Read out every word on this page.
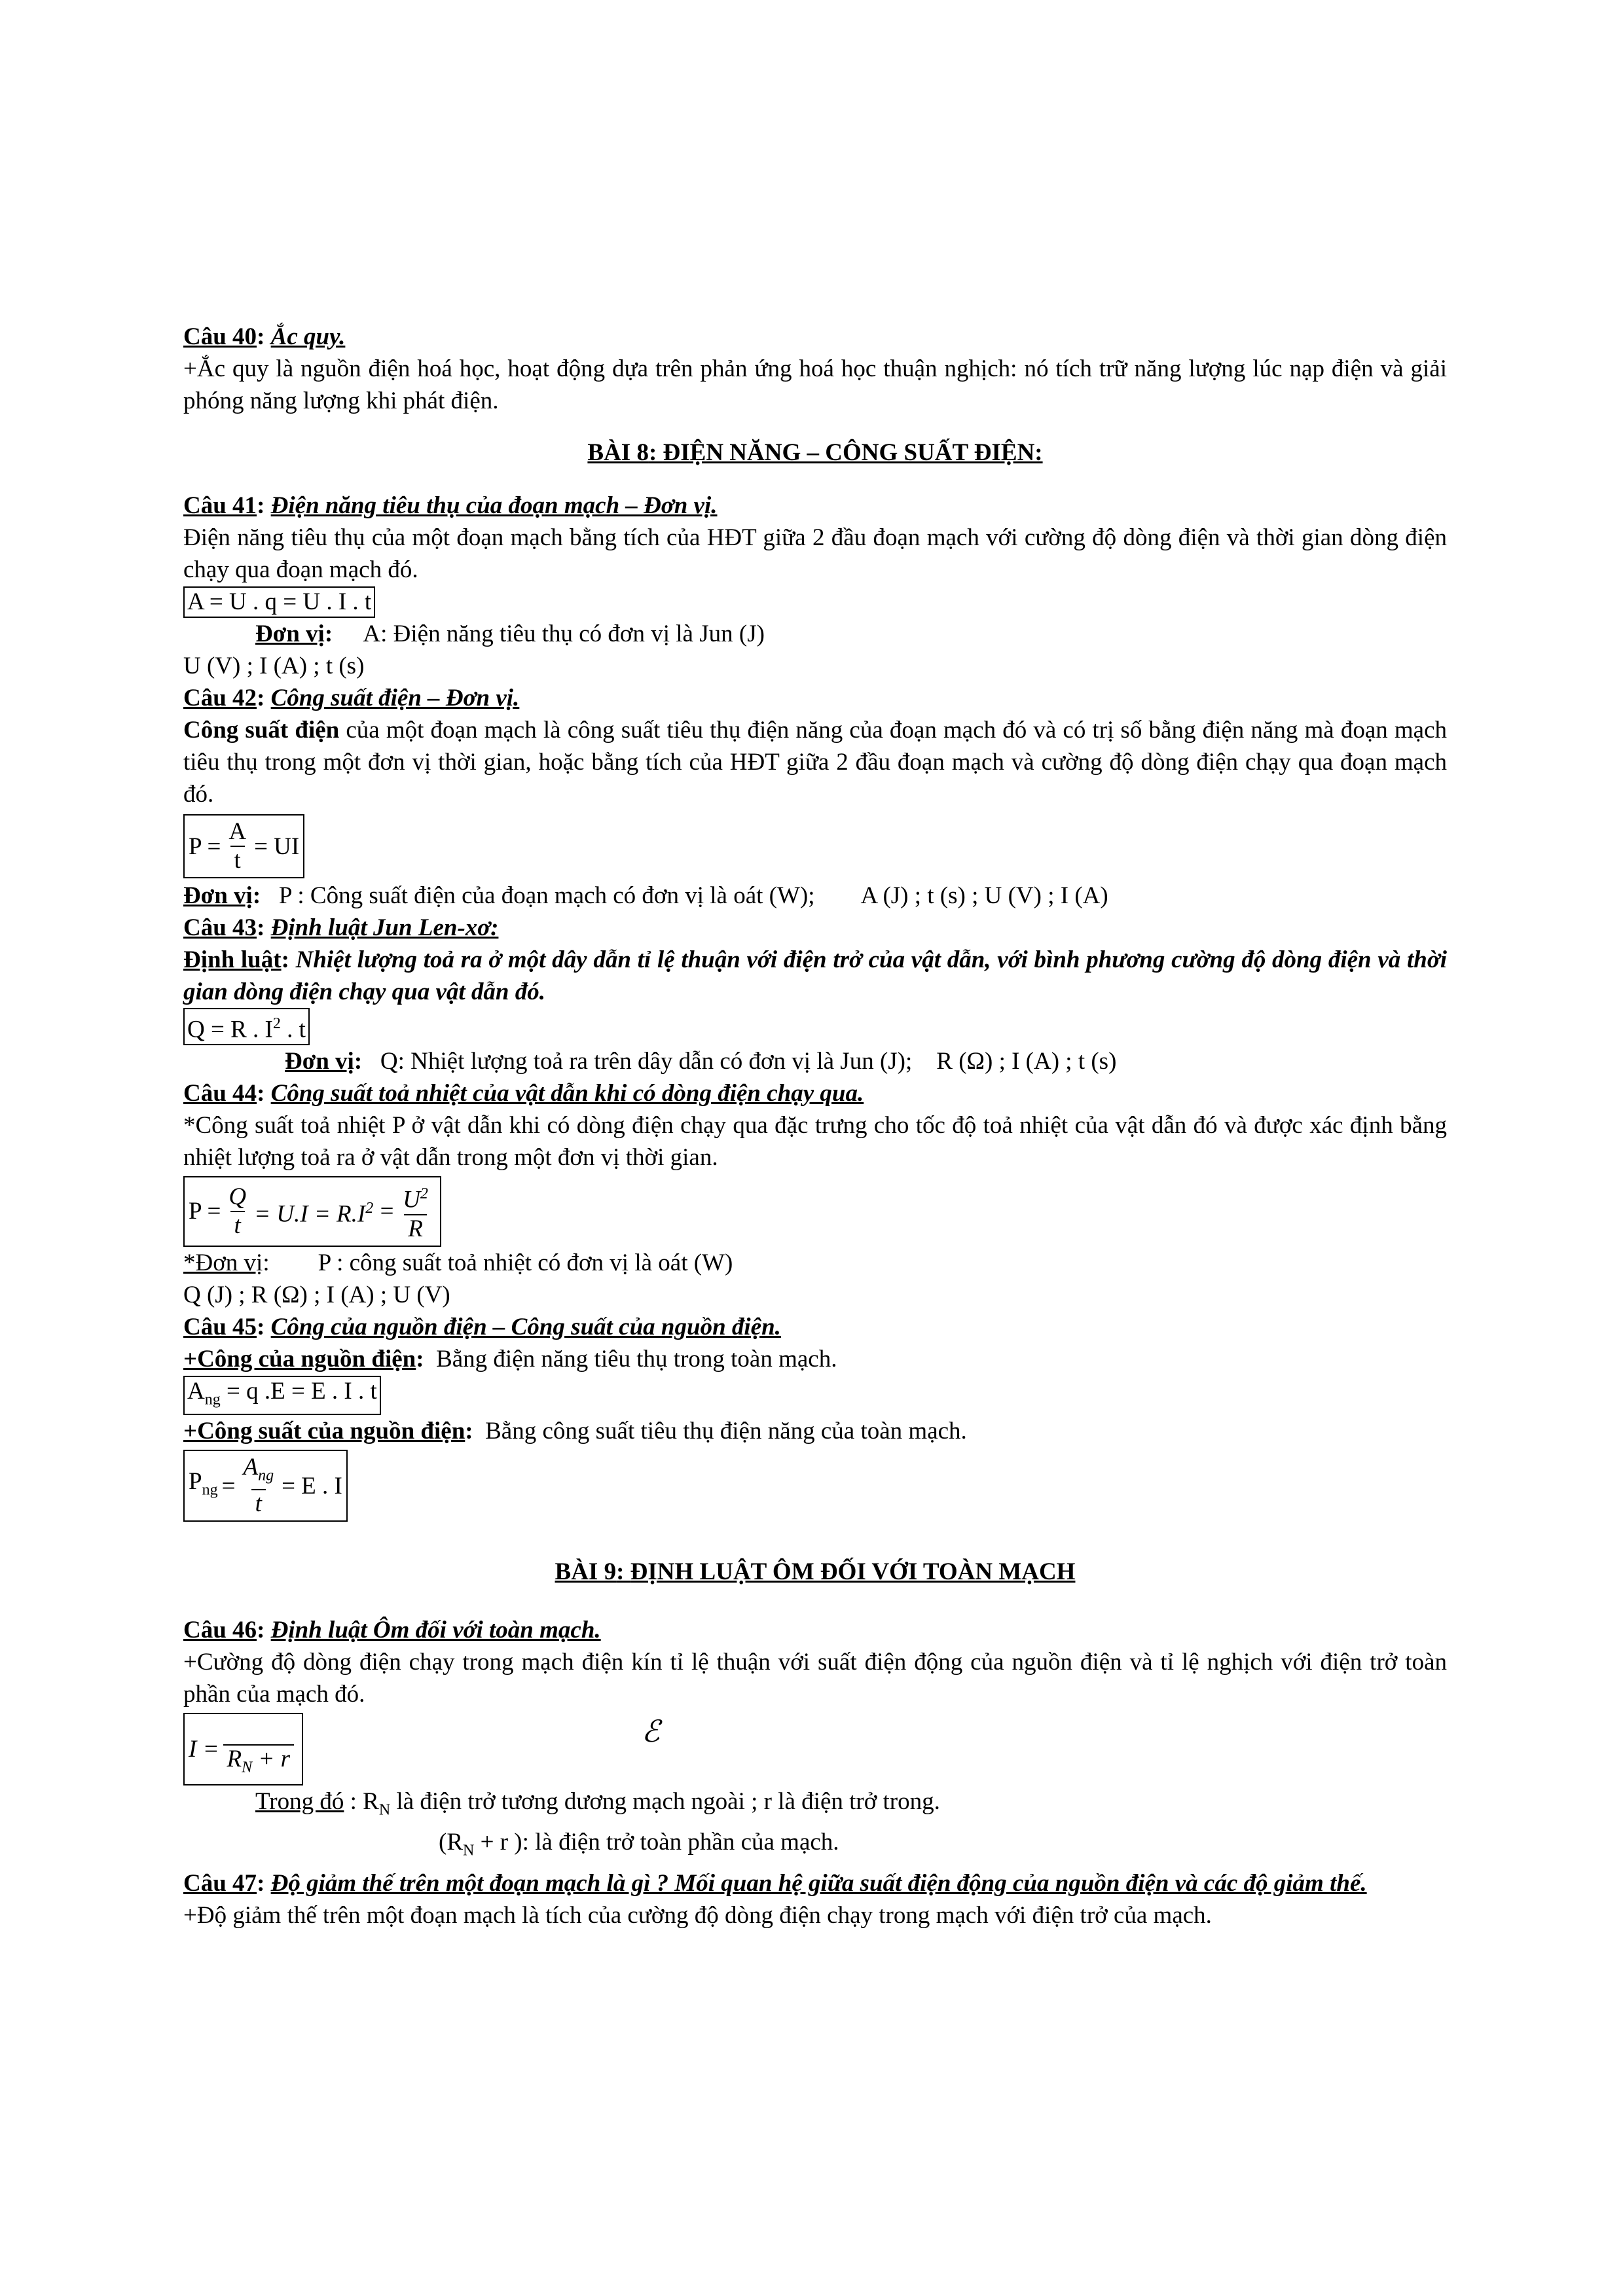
Câu 40: Ắc quy.

+Ắc quy là nguồn điện hoá học, hoạt động dựa trên phản ứng hoá học thuận nghịch: nó tích trữ năng lượng lúc nạp điện và giải phóng năng lượng khi phát điện.

BÀI 8: ĐIỆN NĂNG – CÔNG SUẤT ĐIỆN:

Câu 41: Điện năng tiêu thụ của đoạn mạch – Đơn vị.

Điện năng tiêu thụ của một đoạn mạch bằng tích của HĐT giữa 2 đầu đoạn mạch với cường độ dòng điện và thời gian dòng điện chạy qua đoạn mạch đó.

A = U . q = U . I . t

Đơn vị: A: Điện năng tiêu thụ có đơn vị là Jun (J)

U (V) ; I (A) ; t (s)

Câu 42: Công suất điện – Đơn vị.

Công suất điện của một đoạn mạch là công suất tiêu thụ điện năng của đoạn mạch đó và có trị số bằng điện năng mà đoạn mạch tiêu thụ trong một đơn vị thời gian, hoặc bằng tích của HĐT giữa 2 đầu đoạn mạch và cường độ dòng điện chạy qua đoạn mạch đó.

$P = \frac{A}{t}$ = UI

Đơn vị: P : Công suất điện của đoạn mạch có đơn vị là oát (W); A (J) ; t (s) ; U (V) ; I (A)

Câu 43: Định luật Jun Len-xơ:

Định luật: Nhiệt lượng toả ra ở một dây dẫn tỉ lệ thuận với điện trở của vật dẫn, với bình phương cường độ dòng điện và thời gian dòng điện chạy qua vật dẫn đó.

Q = R . $I^2$ . t

Đơn vị: Q: Nhiệt lượng toả ra trên dây dẫn có đơn vị là Jun (J); R (Ω) ; I (A) ; t (s)

Câu 44: Công suất toả nhiệt của vật dẫn khi có dòng điện chạy qua.

*Công suất toả nhiệt P ở vật dẫn khi có dòng điện chạy qua đặc trưng cho tốc độ toả nhiệt của vật dẫn đó và được xác định bằng nhiệt lượng toả ra ở vật dẫn trong một đơn vị thời gian.

$P = \frac{Q}{t} = U.I = R.I^2 = \frac{U^2}{R}$

*Đơn vị:        P : công suất toả nhiệt có đơn vị là oát (W)

Q (J) ; R (Ω) ; I (A) ; U (V)

Câu 45: Công của nguồn điện – Công suất của nguồn điện.

+Công của nguồn điện: Bằng điện năng tiêu thụ trong toàn mạch.

$A_{ng} = q$ .E = E . I . t

+Công suất của nguồn điện: Bằng công suất tiêu thụ điện năng của toàn mạch.

$P_{ng} = \frac{A_{ng}}{t} = E$ . I

BÀI 9: ĐỊNH LUẬT ÔM ĐỐI VỚI TOÀN MẠCH

Câu 46: Định luật Ôm đối với toàn mạch.

+Cường độ dòng điện chạy trong mạch điện kín tỉ lệ thuận với suất điện động của nguồn điện và tỉ lệ nghịch với điện trở toàn phần của mạch đó.

I =
$R_N + r$
ℰ

Trong đó : $R_N$ là điện trở tương dương mạch ngoài ; r là điện trở trong.

($R_N + r$ ): là điện trở toàn phần của mạch.

Câu 47: Độ giảm thế trên một đoạn mạch là gì ? Mối quan hệ giữa suất điện động của nguồn điện và các độ giảm thế.

+Độ giảm thế trên một đoạn mạch là tích của cường độ dòng điện chạy trong mạch với điện trở của mạch.
